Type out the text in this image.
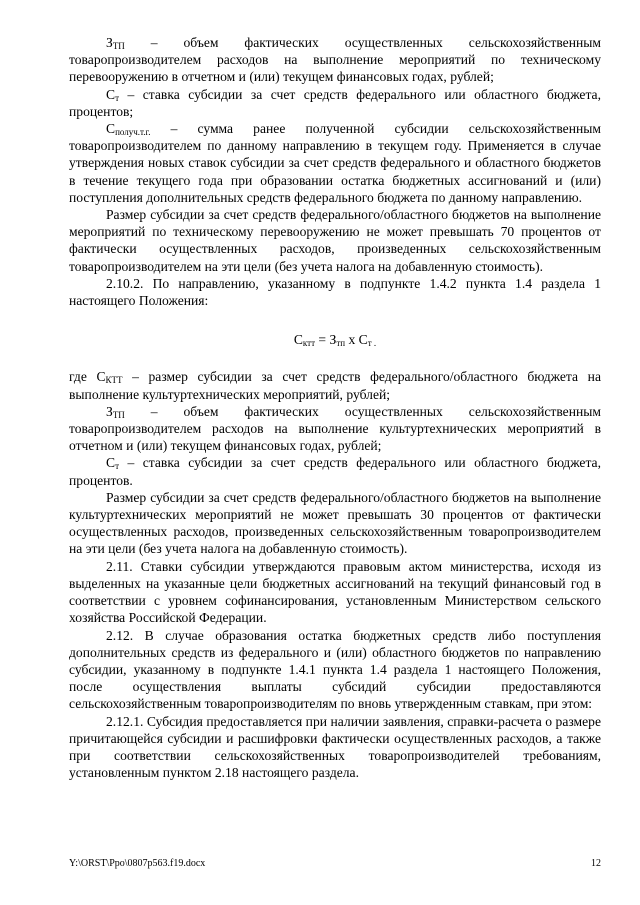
$З_{ТП}$ – объем фактических осуществленных сельскохозяйственным товаропроизводителем расходов на выполнение мероприятий по техническому перевооружению в отчетном и (или) текущем финансовых годах, рублей;

$С_т$ – ставка субсидии за счет средств федерального или областного бюджета, процентов;

$С_{получ.т.г.}$ – сумма ранее полученной субсидии сельскохозяйственным товаропроизводителем по данному направлению в текущем году. Применяется в случае утверждения новых ставок субсидии за счет средств федерального и областного бюджетов в течение текущего года при образовании остатка бюджетных ассигнований и (или) поступления дополнительных средств федерального бюджета по данному направлению.

Размер субсидии за счет средств федерального/областного бюджетов на выполнение мероприятий по техническому перевооружению не может превышать 70 процентов от фактически осуществленных расходов, произведенных сельскохозяйственным товаропроизводителем на эти цели (без учета налога на добавленную стоимость).

2.10.2. По направлению, указанному в подпункте 1.4.2 пункта 1.4 раздела 1 настоящего Положения:

$С_{ктт} = З_{тп}$ х $С_{т .}$

где $С_{КТТ}$ – размер субсидии за счет средств федерального/областного бюджета на выполнение культуртехнических мероприятий, рублей;

$З_{ТП}$ – объем фактических осуществленных сельскохозяйственным товаропроизводителем расходов на выполнение культуртехнических мероприятий в отчетном и (или) текущем финансовых годах, рублей;

$С_т$ – ставка субсидии за счет средств федерального или областного бюджета, процентов.

Размер субсидии за счет средств федерального/областного бюджетов на выполнение культуртехнических мероприятий не может превышать 30 процентов от фактически осуществленных расходов, произведенных сельскохозяйственным товаропроизводителем на эти цели (без учета налога на добавленную стоимость).

2.11. Ставки субсидии утверждаются правовым актом министерства, исходя из выделенных на указанные цели бюджетных ассигнований на текущий финансовый год в соответствии с уровнем софинансирования, установленным Министерством сельского хозяйства Российской Федерации.

2.12. В случае образования остатка бюджетных средств либо поступления дополнительных средств из федерального и (или) областного бюджетов по направлению субсидии, указанному в подпункте 1.4.1 пункта 1.4 раздела 1 настоящего Положения, после осуществления выплаты субсидий субсидии предоставляются сельскохозяйственным товаропроизводителям по вновь утвержденным ставкам, при этом:

2.12.1. Субсидия предоставляется при наличии заявления, справки-расчета о размере причитающейся субсидии и расшифровки фактически осуществленных расходов, а также при соответствии сельскохозяйственных товаропроизводителей требованиям, установленным пунктом 2.18 настоящего раздела.

Y:\ORST\Ppo\0807p563.f19.docx	12
